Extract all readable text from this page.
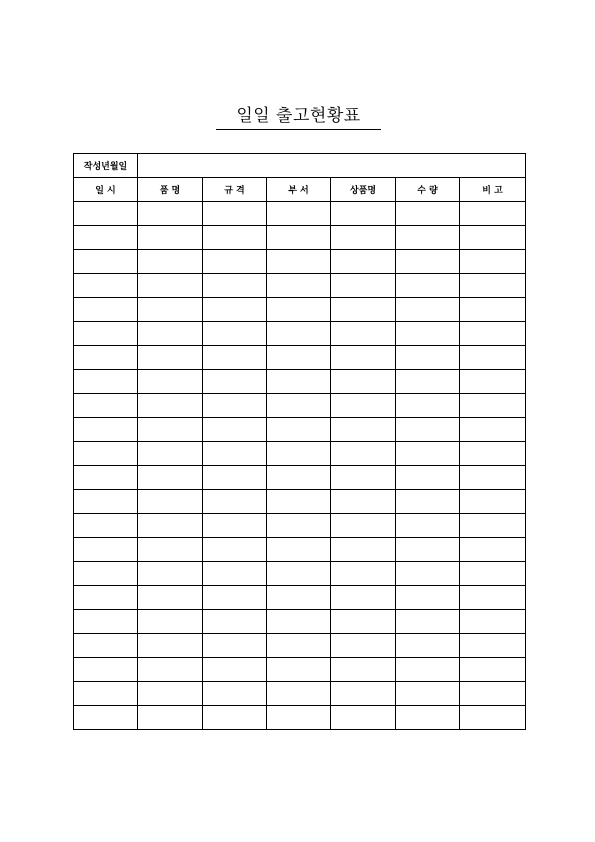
일일 출고현황표
작성년월일						
일 시	품 명	규 격	부 서	상품명	수 량	비 고
